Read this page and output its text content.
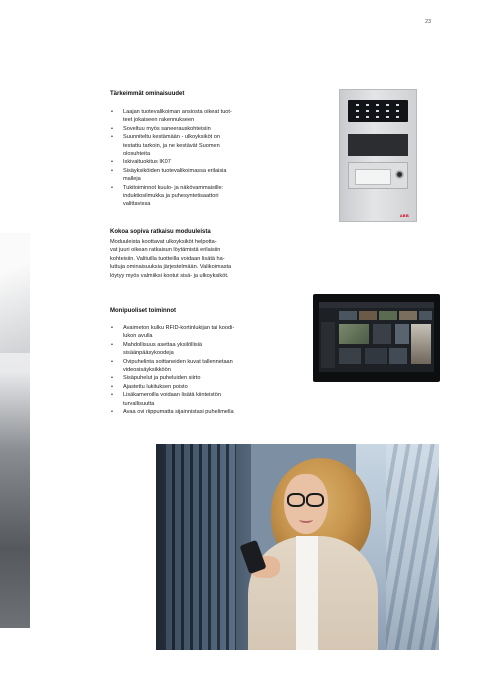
23
Tärkeimmät ominaisuudet
• Laajan tuotevalikoiman ansiosta oikeat tuot-
teet jokaiseen rakennukseen
• Soveltuu myös saneerauskohteisiin
• Suunniteltu kestämään - ulkoyksiköt on
testattu tarkoin, ja ne kestävät Suomen
olosuhteita
• Iskivaltuokitus IK07
• Sisäyksiköiden tuotevalikoimassa erilaisia
malleja
• Tukitoiminnot kuulo- ja näkövammaisille:
induktiosilmukka ja puhesyntetisaattori
valittavissa
Kokoa sopiva ratkaisu moduuleista
Moduuleista koottavat ulkoyksiköt helpotta-
vat juuri oikean ratkaisun löytämistä erilaisiin
kohteisiin. Valituilla tuotteilla voidaan lisätä ha-
luttuja ominaisuuksia järjestelmään. Valikoimasta
löytyy myös valmiiksi kootut sisä- ja ulkoyksiköt.
Monipuoliset toiminnot
• Avaimeton kulku RFID-kortinlukijan tai koodi-
lukon avulla
• Mahdollisuus asettaa yksilöllisiä
sisäänpääsykoodeja
• Ovipuhelinta soittaneiden kuvat tallennetaan
videosisäyksikköön
• Sisäpuhelut ja puheluiden siirto
• Ajastettu lukituksen poisto
• Lisäkameroilla voidaan lisätä kiinteistön
turvallisuutta
• Avaa ovi riippumatta sijainnistasi puhelimella
ABB
